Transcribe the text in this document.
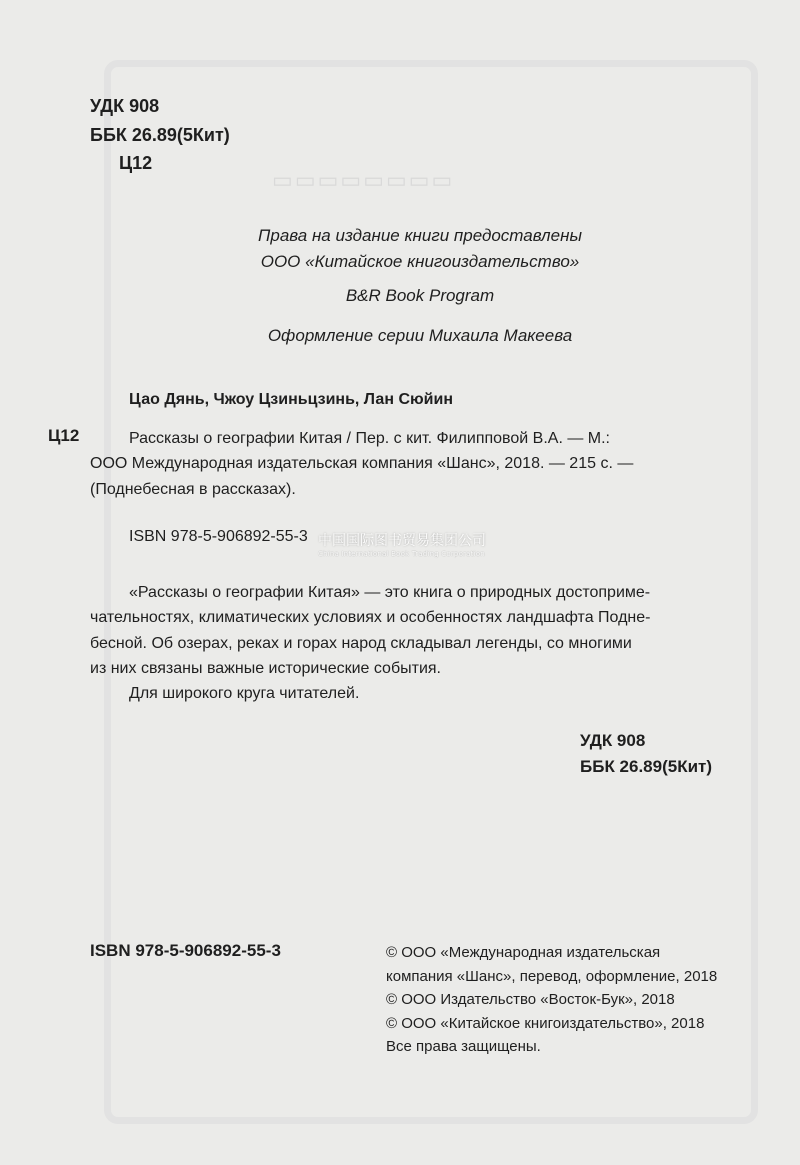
▭▭▭▭▭▭▭▭
УДК 908
ББК 26.89(5Кит)
Ц12
Права на издание книги предоставлены
ООО «Китайское книгоиздательство»
B&R Book Program
Оформление серии Михаила Макеева
Цао Дянь, Чжоу Цзиньцзинь, Лан Сюйин
Ц12	Рассказы о географии Китая / Пер. с кит. Филипповой В.А. — М.:
ООО Международная издательская компания «Шанс», 2018. — 215 с. —
(Поднебесная в рассказах).
ISBN 978-5-906892-55-3 中国国际图书贸易集团公司
China International Book Trading Corporation
«Рассказы о географии Китая» — это книга о природных достоприме-
чательностях, климатических условиях и особенностях ландшафта Подне-
бесной. Об озерах, реках и горах народ складывал легенды, со многими
из них связаны важные исторические события.
Для широкого круга читателей.
УДК 908
ББК 26.89(5Кит)
ISBN 978-5-906892-55-3	© ООО «Международная издательская
компания «Шанс», перевод, оформление, 2018
© ООО Издательство «Восток-Бук», 2018
© ООО «Китайское книгоиздательство», 2018
Все права защищены.
